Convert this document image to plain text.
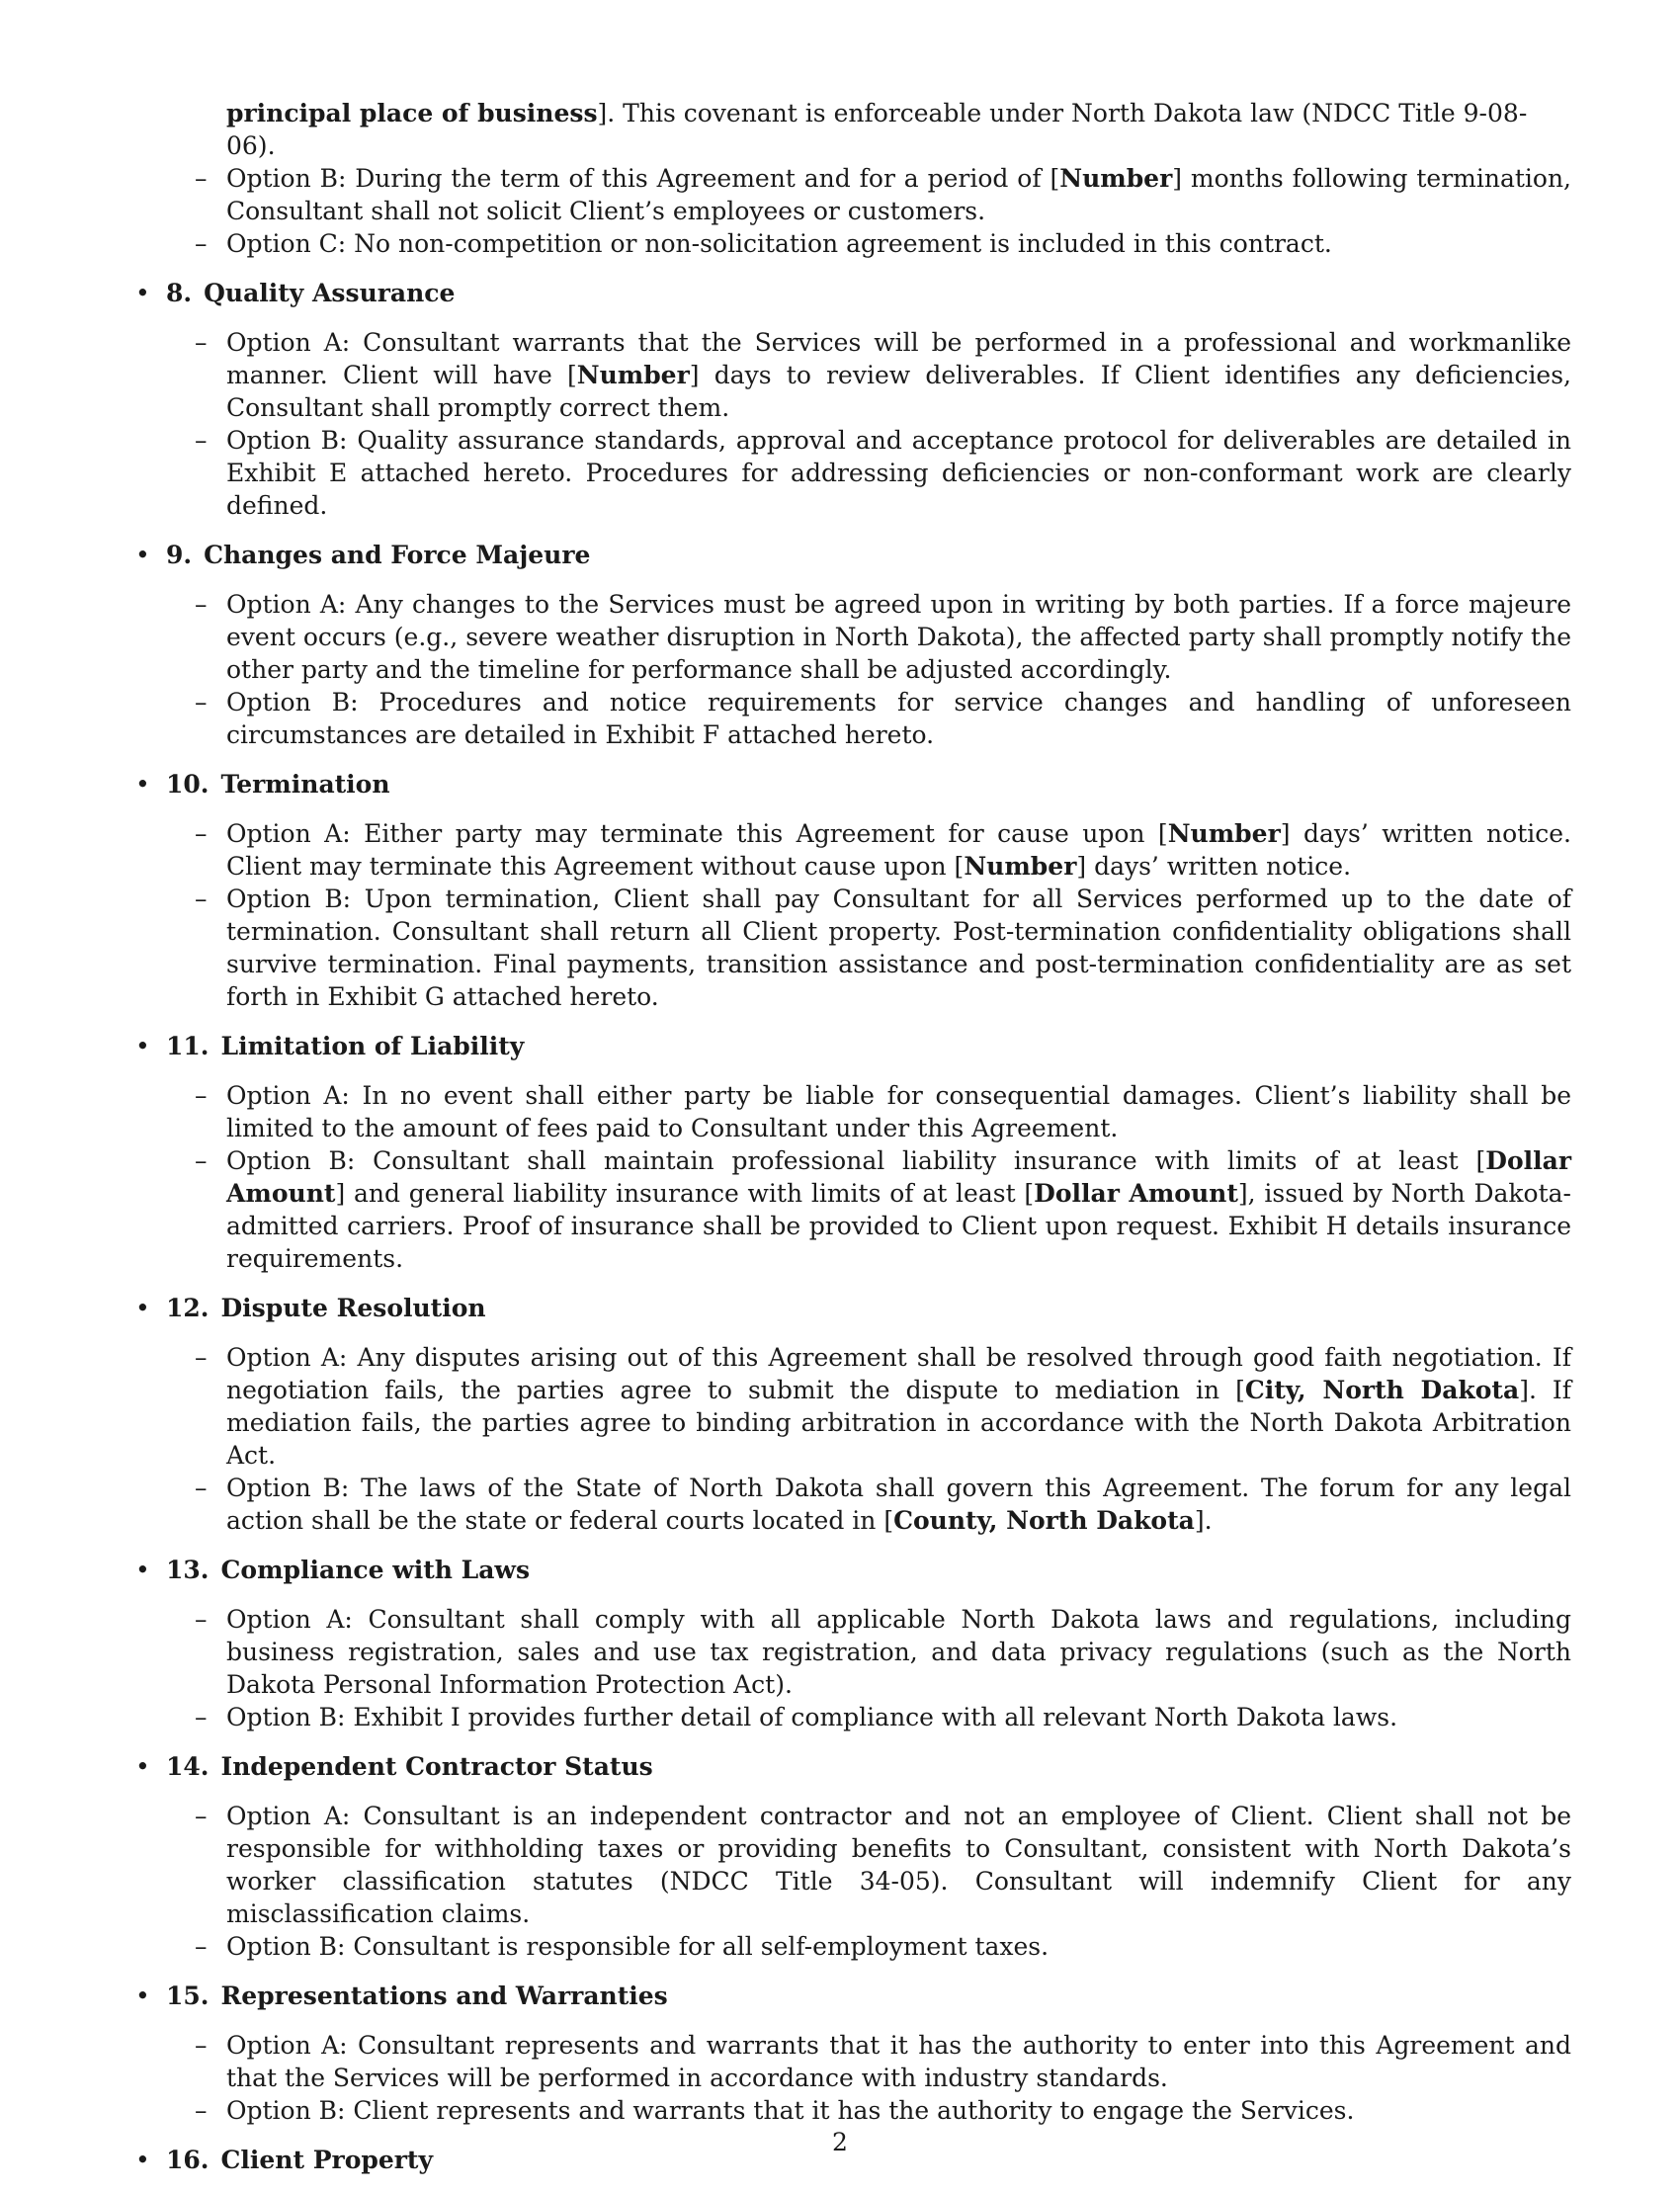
principal place of business]. This covenant is enforceable under North Dakota law (NDCC Title 9-08-06).
– Option B: During the term of this Agreement and for a period of [Number] months following termination, Consultant shall not solicit Client’s employees or customers.
– Option C: No non-competition or non-solicitation agreement is included in this contract.
• 8. Quality Assurance
– Option A: Consultant warrants that the Services will be performed in a professional and workmanlike manner. Client will have [Number] days to review deliverables. If Client identifies any deficiencies, Consultant shall promptly correct them.
– Option B: Quality assurance standards, approval and acceptance protocol for deliverables are detailed in Exhibit E attached hereto. Procedures for addressing deficiencies or non-conformant work are clearly defined.
• 9. Changes and Force Majeure
– Option A: Any changes to the Services must be agreed upon in writing by both parties. If a force majeure event occurs (e.g., severe weather disruption in North Dakota), the affected party shall promptly notify the other party and the timeline for performance shall be adjusted accordingly.
– Option B: Procedures and notice requirements for service changes and handling of unforeseen circumstances are detailed in Exhibit F attached hereto.
• 10. Termination
– Option A: Either party may terminate this Agreement for cause upon [Number] days’ written notice. Client may terminate this Agreement without cause upon [Number] days’ written notice.
– Option B: Upon termination, Client shall pay Consultant for all Services performed up to the date of termination. Consultant shall return all Client property. Post-termination confidentiality obligations shall survive termination. Final payments, transition assistance and post-termination confidentiality are as set forth in Exhibit G attached hereto.
• 11. Limitation of Liability
– Option A: In no event shall either party be liable for consequential damages. Client’s liability shall be limited to the amount of fees paid to Consultant under this Agreement.
– Option B: Consultant shall maintain professional liability insurance with limits of at least [Dollar Amount] and general liability insurance with limits of at least [Dollar Amount], issued by North Dakota-admitted carriers. Proof of insurance shall be provided to Client upon request. Exhibit H details insurance requirements.
• 12. Dispute Resolution
– Option A: Any disputes arising out of this Agreement shall be resolved through good faith negotiation. If negotiation fails, the parties agree to submit the dispute to mediation in [City, North Dakota]. If mediation fails, the parties agree to binding arbitration in accordance with the North Dakota Arbitration Act.
– Option B: The laws of the State of North Dakota shall govern this Agreement. The forum for any legal action shall be the state or federal courts located in [County, North Dakota].
• 13. Compliance with Laws
– Option A: Consultant shall comply with all applicable North Dakota laws and regulations, including business registration, sales and use tax registration, and data privacy regulations (such as the North Dakota Personal Information Protection Act).
– Option B: Exhibit I provides further detail of compliance with all relevant North Dakota laws.
• 14. Independent Contractor Status
– Option A: Consultant is an independent contractor and not an employee of Client. Client shall not be responsible for withholding taxes or providing benefits to Consultant, consistent with North Dakota’s worker classification statutes (NDCC Title 34-05). Consultant will indemnify Client for any misclassification claims.
– Option B: Consultant is responsible for all self-employment taxes.
• 15. Representations and Warranties
– Option A: Consultant represents and warrants that it has the authority to enter into this Agreement and that the Services will be performed in accordance with industry standards.
– Option B: Client represents and warrants that it has the authority to engage the Services.
• 16. Client Property
2
